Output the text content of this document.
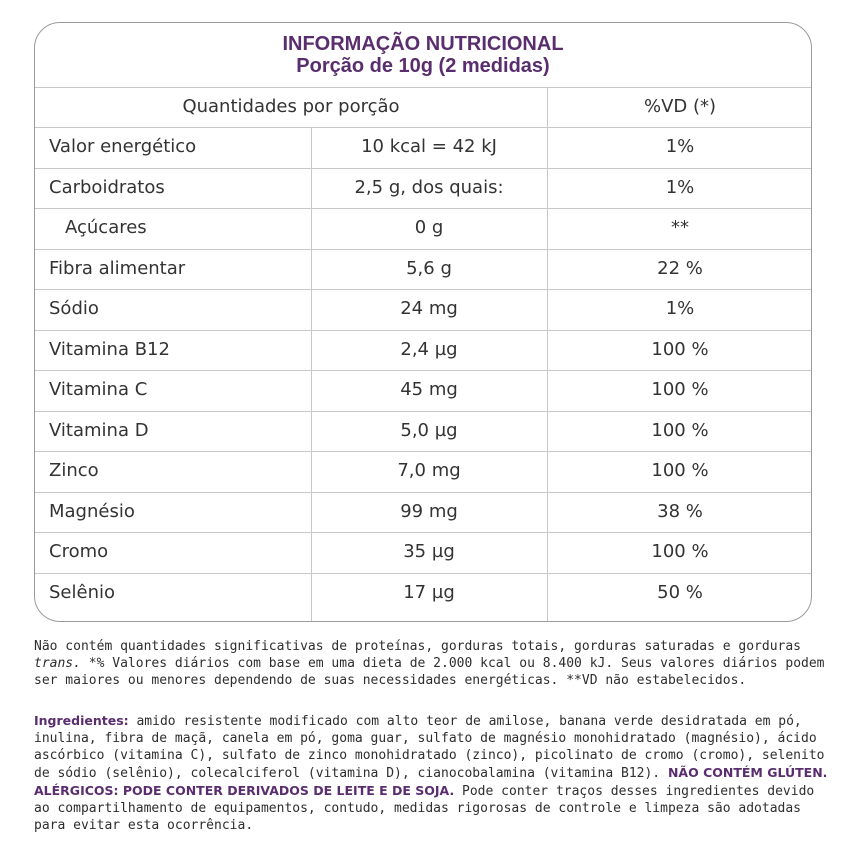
INFORMAÇÃO NUTRICIONAL
Porção de 10g (2 medidas)
Quantidades por porção	%VD (*)
Valor energético	10 kcal = 42 kJ	1%
Carboidratos	2,5 g, dos quais:	1%
Açúcares	0 g	**
Fibra alimentar	5,6 g	22 %
Sódio	24 mg	1%
Vitamina B12	2,4 µg	100 %
Vitamina C	45 mg	100 %
Vitamina D	5,0 µg	100 %
Zinco	7,0 mg	100 %
Magnésio	99 mg	38 %
Cromo	35 µg	100 %
Selênio	17 µg	50 %
Não contém quantidades significativas de proteínas, gorduras totais, gorduras saturadas e gorduras trans. *% Valores diários com base em uma dieta de 2.000 kcal ou 8.400 kJ. Seus valores diários podem ser maiores ou menores dependendo de suas necessidades energéticas. **VD não estabelecidos.
Ingredientes: amido resistente modificado com alto teor de amilose, banana verde desidratada em pó, inulina, fibra de maçã, canela em pó, goma guar, sulfato de magnésio monohidratado (magnésio), ácido ascórbico (vitamina C), sulfato de zinco monohidratado (zinco), picolinato de cromo (cromo), selenito de sódio (selênio), colecalciferol (vitamina D), cianocobalamina (vitamina B12). NÃO CONTÉM GLÚTEN. ALÉRGICOS: PODE CONTER DERIVADOS DE LEITE E DE SOJA. Pode conter traços desses ingredientes devido ao compartilhamento de equipamentos, contudo, medidas rigorosas de controle e limpeza são adotadas para evitar esta ocorrência.
